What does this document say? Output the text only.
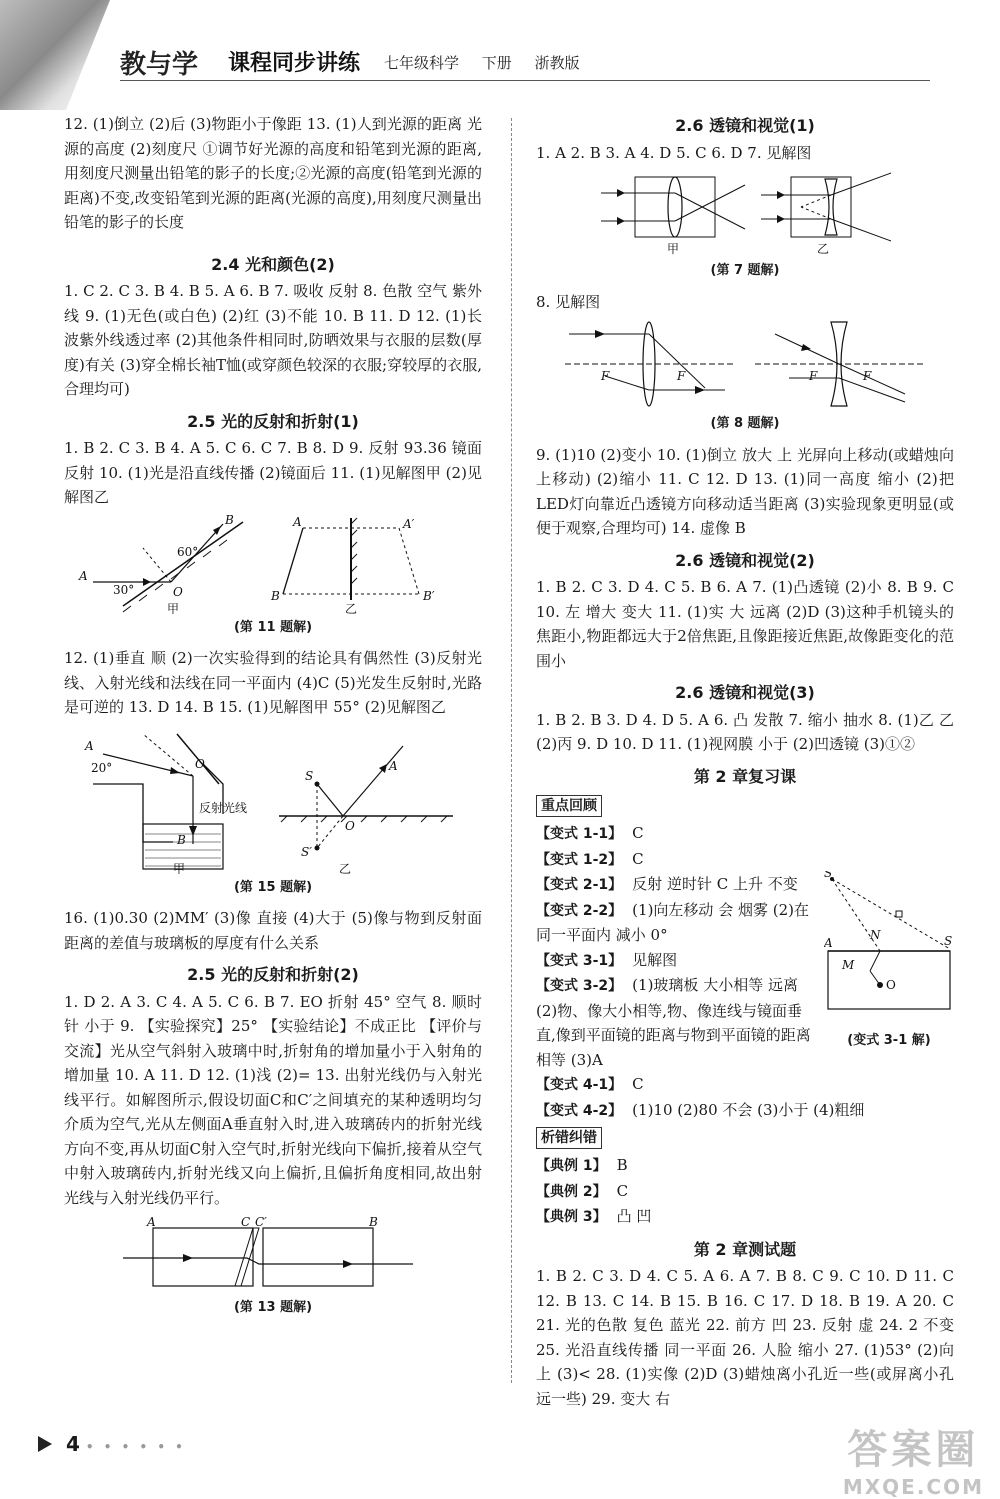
教与学 课程同步讲练 七年级科学 下册 浙教版

12. (1)倒立 (2)后 (3)物距小于像距 13. (1)人到光源的距离 光源的高度 (2)刻度尺 ①调节好光源的高度和铅笔到光源的距离,用刻度尺测量出铅笔的影子的长度;②光源的高度(铅笔到光源的距离)不变,改变铅笔到光源的距离(光源的高度),用刻度尺测量出铅笔的影子的长度

2.4 光和颜色(2)

1. C 2. C 3. B 4. B 5. A 6. B 7. 吸收 反射 8. 色散 空气 紫外线 9. (1)无色(或白色) (2)红 (3)不能 10. B 11. D 12. (1)长波紫外线透过率 (2)其他条件相同时,防晒效果与衣服的层数(厚度)有关 (3)穿全棉长袖T恤(或穿颜色较深的衣服;穿较厚的衣服,合理均可)

2.5 光的反射和折射(1)

1. B 2. C 3. B 4. A 5. C 6. C 7. B 8. D 9. 反射 93.36 镜面反射 10. (1)光是沿直线传播 (2)镜面后 11. (1)见解图甲 (2)见解图乙

A
B
O
60°
30°
甲
A
B
A′
B′
乙
(第 11 题解)

12. (1)垂直 顺 (2)一次实验得到的结论具有偶然性 (3)反射光线、入射光线和法线在同一平面内 (4)C (5)光发生反射时,光路是可逆的 13. D 14. B 15. (1)见解图甲 55° (2)见解图乙

A
20°	O
B
反射光线
甲
S
S′
O
A
乙
(第 15 题解)

16. (1)0.30 (2)MM′ (3)像 直接 (4)大于 (5)像与物到反射面距离的差值与玻璃板的厚度有什么关系

2.5 光的反射和折射(2)

1. D 2. A 3. C 4. A 5. C 6. B 7. EO 折射 45° 空气 8. 顺时针 小于 9. 【实验探究】25° 【实验结论】不成正比 【评价与交流】光从空气斜射入玻璃中时,折射角的增加量小于入射角的增加量 10. A 11. D 12. (1)浅 (2)= 13. 出射光线仍与入射光线平行。如解图所示,假设切面C和C′之间填充的某种透明均匀介质为空气,光从左侧面A垂直射入时,进入玻璃砖内的折射光线方向不变,再从切面C射入空气时,折射光线向下偏折,接着从空气中射入玻璃砖内,折射光线又向上偏折,且偏折角度相同,故出射光线与入射光线仍平行。

A	C C′	B
(第 13 题解)
2.6 透镜和视觉(1)

1. A 2. B 3. A 4. D 5. C 6. D 7. 见解图

甲	乙
(第 7 题解)

8. 见解图

F	F	F	F
(第 8 题解)

9. (1)10 (2)变小 10. (1)倒立 放大 上 光屏向上移动(或蜡烛向上移动) (2)缩小 11. C 12. D 13. (1)同一高度 缩小 (2)把LED灯向靠近凸透镜方向移动适当距离 (3)实验现象更明显(或便于观察,合理均可) 14. 虚像 B

2.6 透镜和视觉(2)

1. B 2. C 3. D 4. C 5. B 6. A 7. (1)凸透镜 (2)小 8. B 9. C 10. 左 增大 变大 11. (1)实 大 远离 (2)D (3)这种手机镜头的焦距小,物距都远大于2倍焦距,且像距接近焦距,故像距变化的范围小

2.6 透镜和视觉(3)

1. B 2. B 3. D 4. D 5. A 6. 凸 发散 7. 缩小 抽水 8. (1)乙 乙 (2)丙 9. D 10. D 11. (1)视网膜 小于 (2)凹透镜 (3)①②

第 2 章复习课
重点回顾
S
S
A
N
M
O
(变式 3-1 解)

【变式 1-1】 C

【变式 1-2】 C

【变式 2-1】 反射 逆时针 C 上升 不变

【变式 2-2】 (1)向左移动 会 烟雾 (2)在同一平面内 减小 0°

【变式 3-1】 见解图

【变式 3-2】 (1)玻璃板 大小相等 远离 (2)物、像大小相等,物、像连线与镜面垂直,像到平面镜的距离与物到平面镜的距离相等 (3)A

【变式 4-1】 C

【变式 4-2】 (1)10 (2)80 不会 (3)小于 (4)粗细

析错纠错

【典例 1】 B

【典例 2】 C

【典例 3】 凸 凹

第 2 章测试题

1. B 2. C 3. D 4. C 5. A 6. A 7. B 8. C 9. C 10. D 11. C 12. B 13. C 14. B 15. B 16. C 17. D 18. B 19. A 20. C 21. 光的色散 复色 蓝光 22. 前方 凹 23. 反射 虚 24. 2 不变 25. 光沿直线传播 同一平面 26. 人脸 缩小 27. (1)53° (2)向上 (3)< 28. (1)实像 (2)D (3)蜡烛离小孔近一些(或屏离小孔远一些) 29. 变大 右

4 • • • • • •	答案圈
MXQE.COM
